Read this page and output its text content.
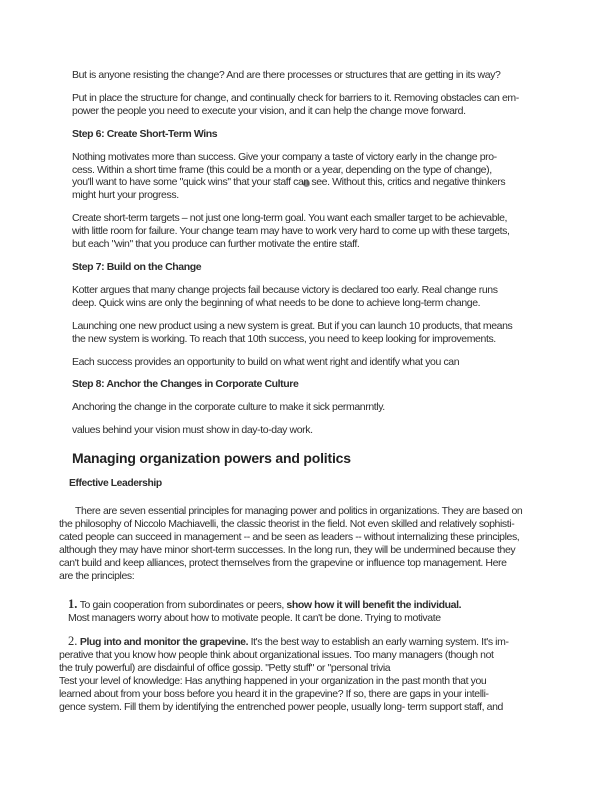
But is anyone resisting the change? And are there processes or structures that are getting in its way?
Put in place the structure for change, and continually check for barriers to it. Removing obstacles can em-
power the people you need to execute your vision, and it can help the change move forward.
Step 6: Create Short-Term Wins
Nothing motivates more than success. Give your company a taste of victory early in the change pro-
cess. Within a short time frame (this could be a month or a year, depending on the type of change),
you'll want to have some "quick wins" that your staff can see. Without this, critics and negative thinkers
might hurt your progress.
Create short-term targets – not just one long-term goal. You want each smaller target to be achievable,
with little room for failure. Your change team may have to work very hard to come up with these targets,
but each "win" that you produce can further motivate the entire staff.
Step 7: Build on the Change
Kotter argues that many change projects fail because victory is declared too early. Real change runs
deep. Quick wins are only the beginning of what needs to be done to achieve long-term change.
Launching one new product using a new system is great. But if you can launch 10 products, that means
the new system is working. To reach that 10th success, you need to keep looking for improvements.
Each success provides an opportunity to build on what went right and identify what you can
Step 8: Anchor the Changes in Corporate Culture
Anchoring the change in the corporate culture to make it sick permanrntly.
values behind your vision must show in day-to-day work.
Managing organization powers and politics
Effective Leadership
There are seven essential principles for managing power and politics in organizations. They are based on
the philosophy of Niccolo Machiavelli, the classic theorist in the field. Not even skilled and relatively sophisti-
cated people can succeed in management -- and be seen as leaders -- without internalizing these principles,
although they may have minor short-term successes. In the long run, they will be undermined because they
can't build and keep alliances, protect themselves from the grapevine or influence top management. Here
are the principles:
1. To gain cooperation from subordinates or peers, show how it will benefit the individual.
Most managers worry about how to motivate people. It can't be done. Trying to motivate
2. Plug into and monitor the grapevine. It's the best way to establish an early warning system. It's im-
perative that you know how people think about organizational issues. Too many managers (though not
the truly powerful) are disdainful of office gossip. "Petty stuff" or "personal trivia
Test your level of knowledge: Has anything happened in your organization in the past month that you
learned about from your boss before you heard it in the grapevine? If so, there are gaps in your intelli-
gence system. Fill them by identifying the entrenched power people, usually long- term support staff, and
